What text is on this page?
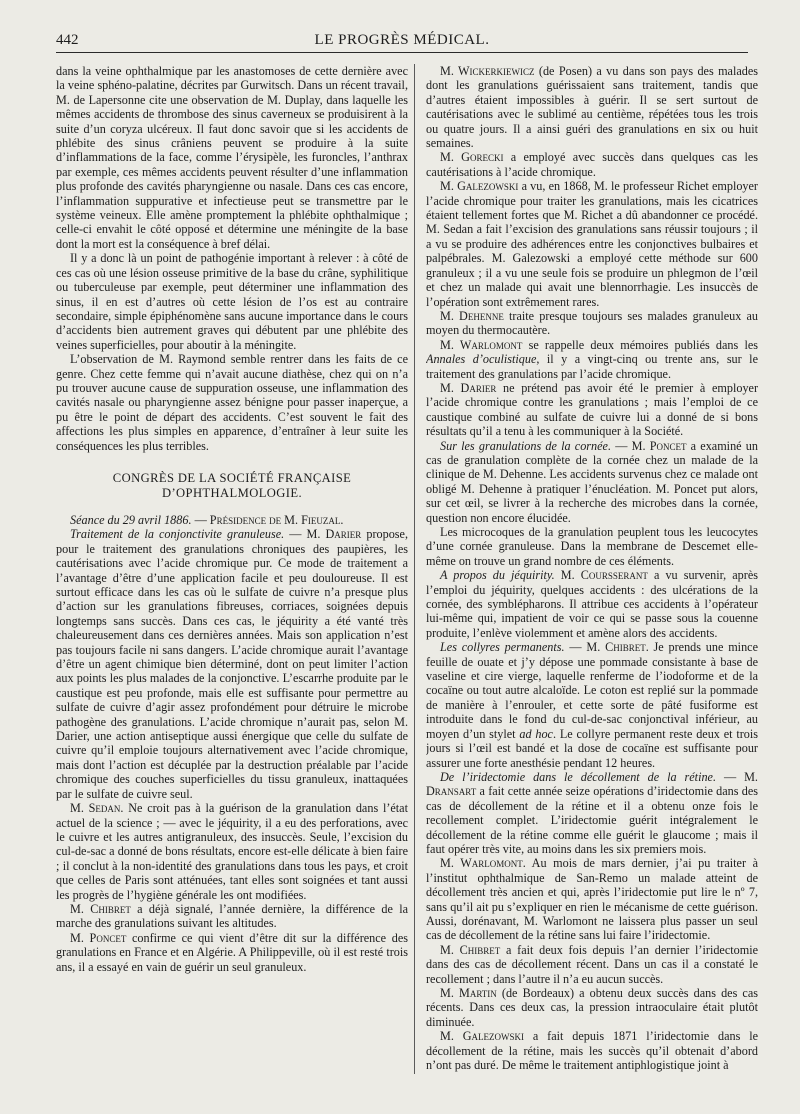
442	LE PROGRÈS MÉDICAL.

dans la veine ophthalmique par les anastomoses de cette dernière avec la veine sphéno-palatine, décrites par Gurwitsch. Dans un récent travail, M. de Lapersonne cite une observation de M. Duplay, dans laquelle les mêmes accidents de thrombose des sinus caverneux se produisirent à la suite d’un coryza ulcéreux. Il faut donc savoir que si les accidents de phlébite des sinus crâniens peuvent se produire à la suite d’inflammations de la face, comme l’érysipèle, les furoncles, l’anthrax par exemple, ces mêmes accidents peuvent résulter d’une inflammation plus profonde des cavités pharyngienne ou nasale. Dans ces cas encore, l’inflammation suppurative et infectieuse peut se transmettre par le système veineux. Elle amène promptement la phlébite ophthalmique ; celle-ci envahit le côté opposé et détermine une méningite de la base dont la mort est la conséquence à bref délai.

Il y a donc là un point de pathogénie important à relever : à côté de ces cas où une lésion osseuse primitive de la base du crâne, syphilitique ou tuberculeuse par exemple, peut déterminer une inflammation des sinus, il en est d’autres où cette lésion de l’os est au contraire secondaire, simple épiphénomène sans aucune importance dans le cours d’accidents bien autrement graves qui débutent par une phlébite des veines superficielles, pour aboutir à la méningite.

L’observation de M. Raymond semble rentrer dans les faits de ce genre. Chez cette femme qui n’avait aucune diathèse, chez qui on n’a pu trouver aucune cause de suppuration osseuse, une inflammation des cavités nasale ou pharyngienne assez bénigne pour passer inaperçue, a pu être le point de départ des accidents. C’est souvent le fait des affections les plus simples en apparence, d’entraîner à leur suite les conséquences les plus terribles.

CONGRÈS DE LA SOCIÉTÉ FRANÇAISE
D’OPHTHALMOLOGIE.

Séance du 29 avril 1886. — Présidence de M. Fieuzal.

Traitement de la conjonctivite granuleuse. — M. Darier propose, pour le traitement des granulations chroniques des paupières, les cautérisations avec l’acide chromique pur. Ce mode de traitement a l’avantage d’être d’une application facile et peu douloureuse. Il est surtout efficace dans les cas où le sulfate de cuivre n’a presque plus d’action sur les granulations fibreuses, corriaces, soignées depuis longtemps sans succès. Dans ces cas, le jéquirity a été vanté très chaleureusement dans ces dernières années. Mais son application n’est pas toujours facile ni sans dangers. L’acide chromique aurait l’avantage d’être un agent chimique bien déterminé, dont on peut limiter l’action aux points les plus malades de la conjonctive. L’escarrhe produite par le caustique est peu profonde, mais elle est suffisante pour permettre au sulfate de cuivre d’agir assez profondément pour détruire le microbe pathogène des granulations. L’acide chromique n’aurait pas, selon M. Darier, une action antiseptique aussi énergique que celle du sulfate de cuivre qu’il emploie toujours alternativement avec l’acide chromique, mais dont l’action est décuplée par la destruction préalable par l’acide chromique des couches superficielles du tissu granuleux, inattaquées par le sulfate de cuivre seul.

M. Sedan. Ne croit pas à la guérison de la granulation dans l’état actuel de la science ; — avec le jéquirity, il a eu des perforations, avec le cuivre et les autres antigranuleux, des insuccès. Seule, l’excision du cul-de-sac a donné de bons résultats, encore est-elle délicate à bien faire ; il conclut à la non-identité des granulations dans tous les pays, et croit que celles de Paris sont atténuées, tant elles sont soignées et tant aussi les progrès de l’hygiène générale les ont modifiées.

M. Chibret a déjà signalé, l’année dernière, la différence de la marche des granulations suivant les altitudes.

M. Poncet confirme ce qui vient d’être dit sur la différence des granulations en France et en Algérie. A Philippeville, où il est resté trois ans, il a essayé en vain de guérir un seul granuleux.

M. Wickerkiewicz (de Posen) a vu dans son pays des malades dont les granulations guérissaient sans traitement, tandis que d’autres étaient impossibles à guérir. Il se sert surtout de cautérisations avec le sublimé au centième, répétées tous les trois ou quatre jours. Il a ainsi guéri des granulations en six ou huit semaines.

M. Gorecki a employé avec succès dans quelques cas les cautérisations à l’acide chromique.

M. Galezowski a vu, en 1868, M. le professeur Richet employer l’acide chromique pour traiter les granulations, mais les cicatrices étaient tellement fortes que M. Richet a dû abandonner ce procédé. M. Sedan a fait l’excision des granulations sans réussir toujours ; il a vu se produire des adhérences entre les conjonctives bulbaires et palpébrales. M. Galezowski a employé cette méthode sur 600 granuleux ; il a vu une seule fois se produire un phlegmon de l’œil et chez un malade qui avait une blennorrhagie. Les insuccès de l’opération sont extrêmement rares.

M. Dehenne traite presque toujours ses malades granuleux au moyen du thermocautère.

M. Warlomont se rappelle deux mémoires publiés dans les Annales d’oculistique, il y a vingt-cinq ou trente ans, sur le traitement des granulations par l’acide chromique.

M. Darier ne prétend pas avoir été le premier à employer l’acide chromique contre les granulations ; mais l’emploi de ce caustique combiné au sulfate de cuivre lui a donné de si bons résultats qu’il a tenu à les communiquer à la Société.

Sur les granulations de la cornée. — M. Poncet a examiné un cas de granulation complète de la cornée chez un malade de la clinique de M. Dehenne. Les accidents survenus chez ce malade ont obligé M. Dehenne à pratiquer l’énucléation. M. Poncet put alors, sur cet œil, se livrer à la recherche des microbes dans la cornée, question non encore élucidée.

Les microcoques de la granulation peuplent tous les leucocytes d’une cornée granuleuse. Dans la membrane de Descemet elle-même on trouve un grand nombre de ces éléments.

A propos du jéquirity. M. Coursserant a vu survenir, après l’emploi du jéquirity, quelques accidents : des ulcérations de la cornée, des symblépharons. Il attribue ces accidents à l’opérateur lui-même qui, impatient de voir ce qui se passe sous la couenne produite, l’enlève violemment et amène alors des accidents.

Les collyres permanents. — M. Chibret. Je prends une mince feuille de ouate et j’y dépose une pommade consistante à base de vaseline et cire vierge, laquelle renferme de l’iodoforme et de la cocaïne ou tout autre alcaloïde. Le coton est replié sur la pommade de manière à l’enrouler, et cette sorte de pâté fusiforme est introduite dans le fond du cul-de-sac conjonctival inférieur, au moyen d’un stylet ad hoc. Le collyre permanent reste deux et trois jours si l’œil est bandé et la dose de cocaïne est suffisante pour assurer une forte anesthésie pendant 12 heures.

De l’iridectomie dans le décollement de la rétine. — M. Dransart a fait cette année seize opérations d’iridectomie dans des cas de décollement de la rétine et il a obtenu onze fois le recollement complet. L’iridectomie guérit intégralement le décollement de la rétine comme elle guérit le glaucome ; mais il faut opérer très vite, au moins dans les six premiers mois.

M. Warlomont. Au mois de mars dernier, j’ai pu traiter à l’institut ophthalmique de San-Remo un malade atteint de décollement très ancien et qui, après l’iridectomie put lire le nº 7, sans qu’il ait pu s’expliquer en rien le mécanisme de cette guérison. Aussi, dorénavant, M. Warlomont ne laissera plus passer un seul cas de décollement de la rétine sans lui faire l’iridectomie.

M. Chibret a fait deux fois depuis l’an dernier l’iridectomie dans des cas de décollement récent. Dans un cas il a constaté le recollement ; dans l’autre il n’a eu aucun succès.

M. Martin (de Bordeaux) a obtenu deux succès dans des cas récents. Dans ces deux cas, la pression intraoculaire était plutôt diminuée.

M. Galezowski a fait depuis 1871 l’iridectomie dans le décollement de la rétine, mais les succès qu’il obtenait d’abord n’ont pas duré. De même le traitement antiphlogistique joint à
